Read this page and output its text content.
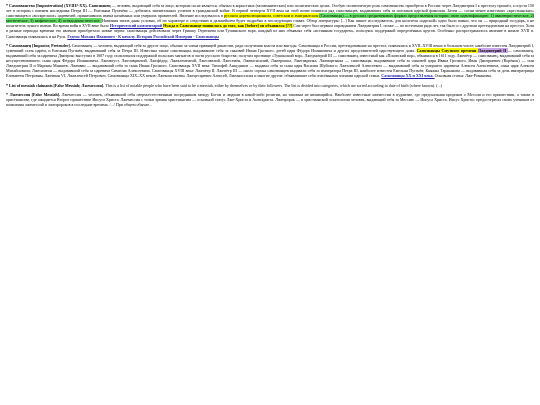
* Самозванство [Imposteration] (XVIII?-XX). Самозванец — человек, выдающий себя за лицо, которым он не является, обычно в корыстных (мошеннических) или политических целях. Особую политическую роль самозванство приобрело в России: через Лжедмитрия I к престолу пришёл, а спустя 150 лет в истории с именем наследника Петра III — Емельяна Пугачёва — добились значительных успехов в гражданской войне. В первой четверти XVII века на этой почве появился ряд самозванцев, выдававших себя за потомков царской фамилии. Затем — сотни менее известных «крестьянских» самозванцев и «воскресших» царевичей, принимавших имена казнённых или умерших правителей. Явление исследовалось в русском дореволюционном, советском и эмигрантском (Самозванцы) — в русских средневековых формах представления истории; свою идентификацию: 1) авантюристическое, 2) мистическое, 3) мифическое, 4) псевдодинастическое. Названия типов даны условно, об их характере и следствиях в дальнейшем будет подробно в последующих главах. Обзор литературы: [...] Как пишет исследователь, для носителя «царской» идеи было важно, что он — природный государь, а не похититель чужого имени. Во время войн в XVII веке было Исторический комментарий Нужда в Самозванце появилась до того, как [before] он объявился [??] Сам через был первым оправданием Лжедмитрия I, позже — по истечении ряда лет, так было и с другими претендентами на престол. Хотя в разные периоды времени это явление приобретало новые черты: самозванцы действовали через Гришку Отрепьева или Тушинского вора, каждый из них объявлял себя «истинным государем», пользуясь поддержкой определённых кругов. Особенно распространилось явление в начале XVII в. Самозванцы появлялись и на Руси. Гедеон Михаил Иванович - К началу. История Российской Империи - Самозванцы
* Самозванец [Impostor, Pretender]. Самозванец — человек, выдающий себя за другое лицо, обычно за члена правящей династии, ради получения власти или выгоды. Самозванцы в России, претендовавшие на престол, появлялись в XVII–XVIII веках в большом числе; наиболее известен Лжедмитрий I, сумевший стать царём, и Емельян Пугачёв, выдававший себя за Петра III. Известны также самозванцы, выдававшие себя за сыновей Ивана Грозного, детей царя Фёдора Иоанновича и других представителей царствующего дома. Самозванцы Смутного времени Лжедмитрий II — самозванец, выдававший себя за царевича Дмитрия; выступил в 1607 году, пользовался поддержкой польских магнатов и части русского боярства; получил прозвище «Тушинский вор». Лжедмитрий III — самозванец, известный как «Псковский вор», объявился в 1611 году. Лжепётр — самозванец, выдававший себя за несуществовавшего сына царя Фёдора Иоанновича. Лжеавгуст, Лжелаврентий, Лжефёдор, Лжеклементий, Лжесавелий, Лжесемён, Лжеваснсилий, Лжеерошка, Лжегаврилка, Лжемартынка — самозванцы, выдававшие себя за сыновей царя Ивана Грозного. Иван Дмитриевич (Ворёнок) — сын Лжедмитрия II и Марины Мнишек. Лжеиван — выдававший себя за сына Ивана Грозного. Самозванцы XVII века: Тимофей Анкудинов — выдавал себя за сына царя Василия Шуйского; Лжеалексей Алексеевич — выдававший себя за умершего царевича Алексея Алексеевича, сына царя Алексея Михайловича; Лжесимеон — выдававший себя за царевича Симеона Алексеевича. Самозванцы XVIII века: Лжепётр II, Лжепётр III — около сорока самозванцев выдавали себя за императора Петра III, наиболее известен Емельян Пугачёв; Княжна Тараканова — выдававшая себя за дочь императрицы Елизаветы Петровны. Лжеиван VI, Лжеалексей Петрович. Самозванцы XIX–XX веков: Лжеконстантин, Лжецесаревич Алексей, Лжеанастасия и многие другие, объявлявшие себя спасёнными членами царской семьи. Самозванцы XX и XXI века. Основная статья: Лже-Романовы.
* List of messiah claimants [False Messiah; Лжемессия]. This is a list of notable people who have been said to be a messiah, either by themselves or by their followers. The list is divided into categories, which are sorted according to date of birth (where known). (...)
* Лжемессия [False Messiah]. Лжемессия — человек, объявивший себя сверхъестественным посредником между Богом и людьми в какой-либо религии, но таковым не являющийся. Наиболее известные лжемессии в иудаизме, где предсказания пророков о Мессии и его пришествии, а также в христианстве, где ожидается Второе пришествие Иисуса Христа. Лжемессия с точки зрения христианства — основной статус Лже-Христа и Антихриста. Лжепророк — в христианской эсхатологии человек, выдающий себя за Мессию — Иисуса Христа. Иисус Христос предостерегал своих учеников от появления лжемессий и лжепророков в последние времена. /.../ При общем обычае...
